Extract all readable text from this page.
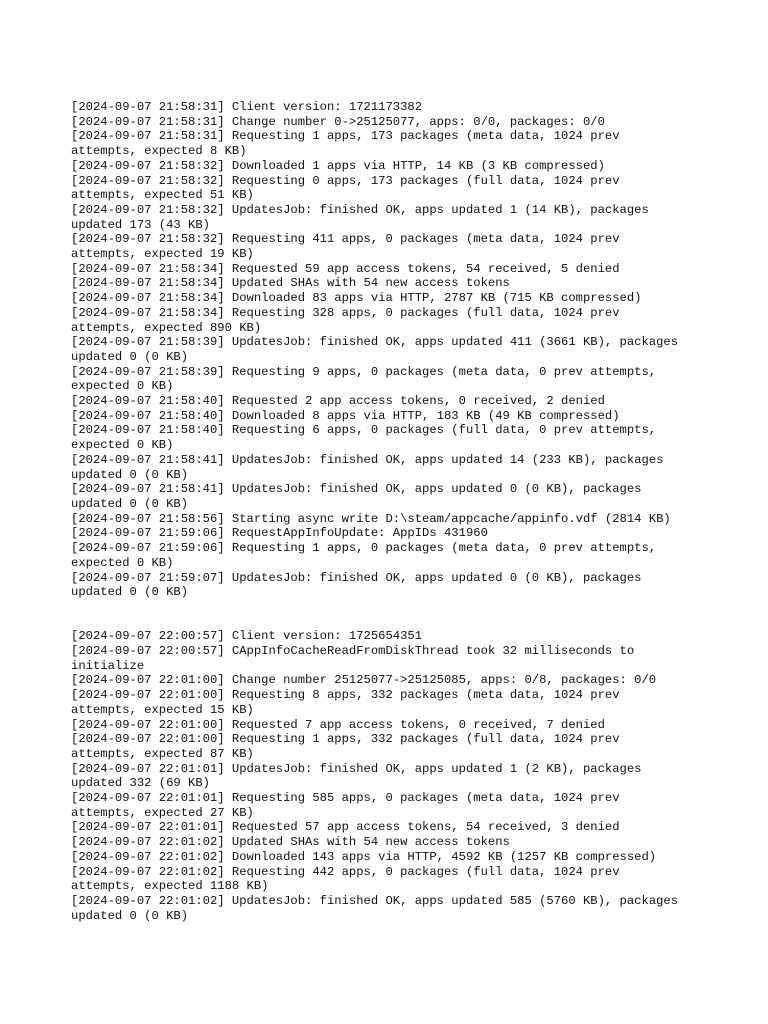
[2024-09-07 21:58:31] Client version: 1721173382
[2024-09-07 21:58:31] Change number 0->25125077, apps: 0/0, packages: 0/0
[2024-09-07 21:58:31] Requesting 1 apps, 173 packages (meta data, 1024 prev
attempts, expected 8 KB)
[2024-09-07 21:58:32] Downloaded 1 apps via HTTP, 14 KB (3 KB compressed)
[2024-09-07 21:58:32] Requesting 0 apps, 173 packages (full data, 1024 prev
attempts, expected 51 KB)
[2024-09-07 21:58:32] UpdatesJob: finished OK, apps updated 1 (14 KB), packages
updated 173 (43 KB)
[2024-09-07 21:58:32] Requesting 411 apps, 0 packages (meta data, 1024 prev
attempts, expected 19 KB)
[2024-09-07 21:58:34] Requested 59 app access tokens, 54 received, 5 denied
[2024-09-07 21:58:34] Updated SHAs with 54 new access tokens
[2024-09-07 21:58:34] Downloaded 83 apps via HTTP, 2787 KB (715 KB compressed)
[2024-09-07 21:58:34] Requesting 328 apps, 0 packages (full data, 1024 prev
attempts, expected 890 KB)
[2024-09-07 21:58:39] UpdatesJob: finished OK, apps updated 411 (3661 KB), packages
updated 0 (0 KB)
[2024-09-07 21:58:39] Requesting 9 apps, 0 packages (meta data, 0 prev attempts,
expected 0 KB)
[2024-09-07 21:58:40] Requested 2 app access tokens, 0 received, 2 denied
[2024-09-07 21:58:40] Downloaded 8 apps via HTTP, 183 KB (49 KB compressed)
[2024-09-07 21:58:40] Requesting 6 apps, 0 packages (full data, 0 prev attempts,
expected 0 KB)
[2024-09-07 21:58:41] UpdatesJob: finished OK, apps updated 14 (233 KB), packages
updated 0 (0 KB)
[2024-09-07 21:58:41] UpdatesJob: finished OK, apps updated 0 (0 KB), packages
updated 0 (0 KB)
[2024-09-07 21:58:56] Starting async write D:\steam/appcache/appinfo.vdf (2814 KB)
[2024-09-07 21:59:06] RequestAppInfoUpdate: AppIDs 431960
[2024-09-07 21:59:06] Requesting 1 apps, 0 packages (meta data, 0 prev attempts,
expected 0 KB)
[2024-09-07 21:59:07] UpdatesJob: finished OK, apps updated 0 (0 KB), packages
updated 0 (0 KB)
[2024-09-07 22:00:57] Client version: 1725654351
[2024-09-07 22:00:57] CAppInfoCacheReadFromDiskThread took 32 milliseconds to
initialize
[2024-09-07 22:01:00] Change number 25125077->25125085, apps: 0/8, packages: 0/0
[2024-09-07 22:01:00] Requesting 8 apps, 332 packages (meta data, 1024 prev
attempts, expected 15 KB)
[2024-09-07 22:01:00] Requested 7 app access tokens, 0 received, 7 denied
[2024-09-07 22:01:00] Requesting 1 apps, 332 packages (full data, 1024 prev
attempts, expected 87 KB)
[2024-09-07 22:01:01] UpdatesJob: finished OK, apps updated 1 (2 KB), packages
updated 332 (69 KB)
[2024-09-07 22:01:01] Requesting 585 apps, 0 packages (meta data, 1024 prev
attempts, expected 27 KB)
[2024-09-07 22:01:01] Requested 57 app access tokens, 54 received, 3 denied
[2024-09-07 22:01:02] Updated SHAs with 54 new access tokens
[2024-09-07 22:01:02] Downloaded 143 apps via HTTP, 4592 KB (1257 KB compressed)
[2024-09-07 22:01:02] Requesting 442 apps, 0 packages (full data, 1024 prev
attempts, expected 1188 KB)
[2024-09-07 22:01:02] UpdatesJob: finished OK, apps updated 585 (5760 KB), packages
updated 0 (0 KB)
